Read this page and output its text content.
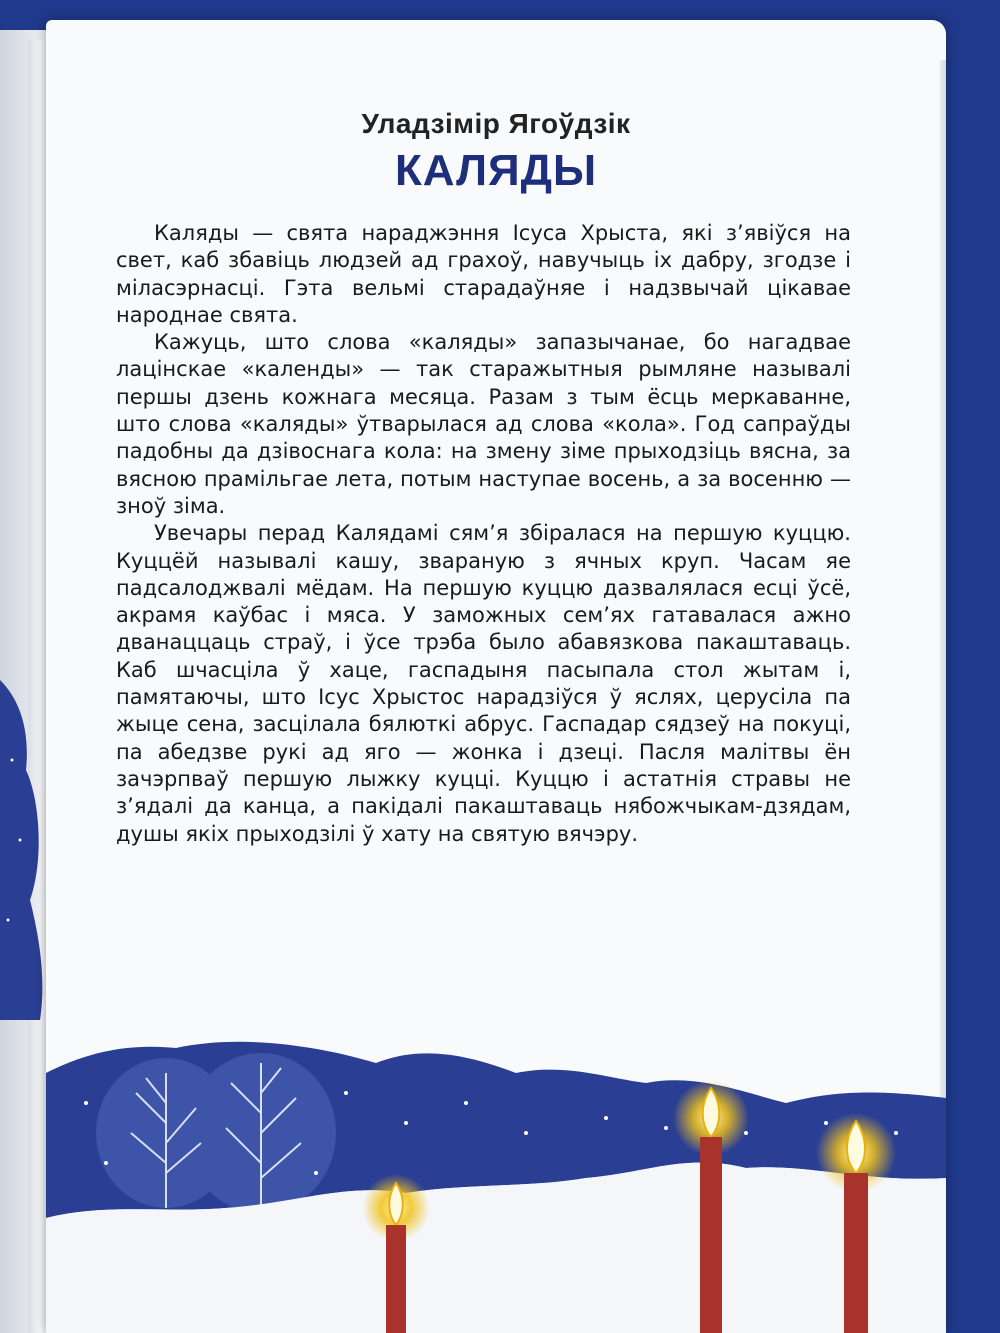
Уладзімір Ягоўдзік
КАЛЯДЫ

Каляды — свята нараджэння Ісуса Хрыста, які з’явіўся на свет, каб збавіць людзей ад грахоў, навучыць іх дабру, згодзе і міласэрнасці. Гэта вельмі старадаўняе і надзвычай цікавае народнае свята.

Кажуць, што слова «каляды» запазычанае, бо нагадвае лацінскае «календы» — так старажытныя рымляне называлі першы дзень кожнага месяца. Разам з тым ёсць меркаванне, што слова «каляды» ўтварылася ад слова «кола». Год сапраўды падобны да дзівоснага кола: на змену зіме прыходзіць вясна, за вясною прамільгае лета, потым наступае восень, а за восенню — зноў зіма.

Увечары перад Калядамі сям’я збіралася на першую куццю. Куццёй называлі кашу, звараную з ячных круп. Часам яе падсалоджвалі мёдам. На першую куццю дазвалялася есці ўсё, акрамя каўбас і мяса. У заможных сем’ях гатавалася ажно дванаццаць страў, і ўсе трэба было абавязкова пакаштаваць. Каб шчасціла ў хаце, гаспадыня пасыпала стол жытам і, памятаючы, што Ісус Хрыстос нарадзіўся ў яслях, церусіла па жыце сена, засцілала бялюткі абрус. Гаспадар сядзеў на покуці, па абедзве рукі ад яго — жонка і дзеці. Пасля малітвы ён зачэрпваў першую лыжку куцці. Куццю і астатнія стравы не з’ядалі да канца, а пакідалі пакаштаваць нябожчыкам-дзядам, душы якіх прыходзілі ў хату на святую вячэру.
